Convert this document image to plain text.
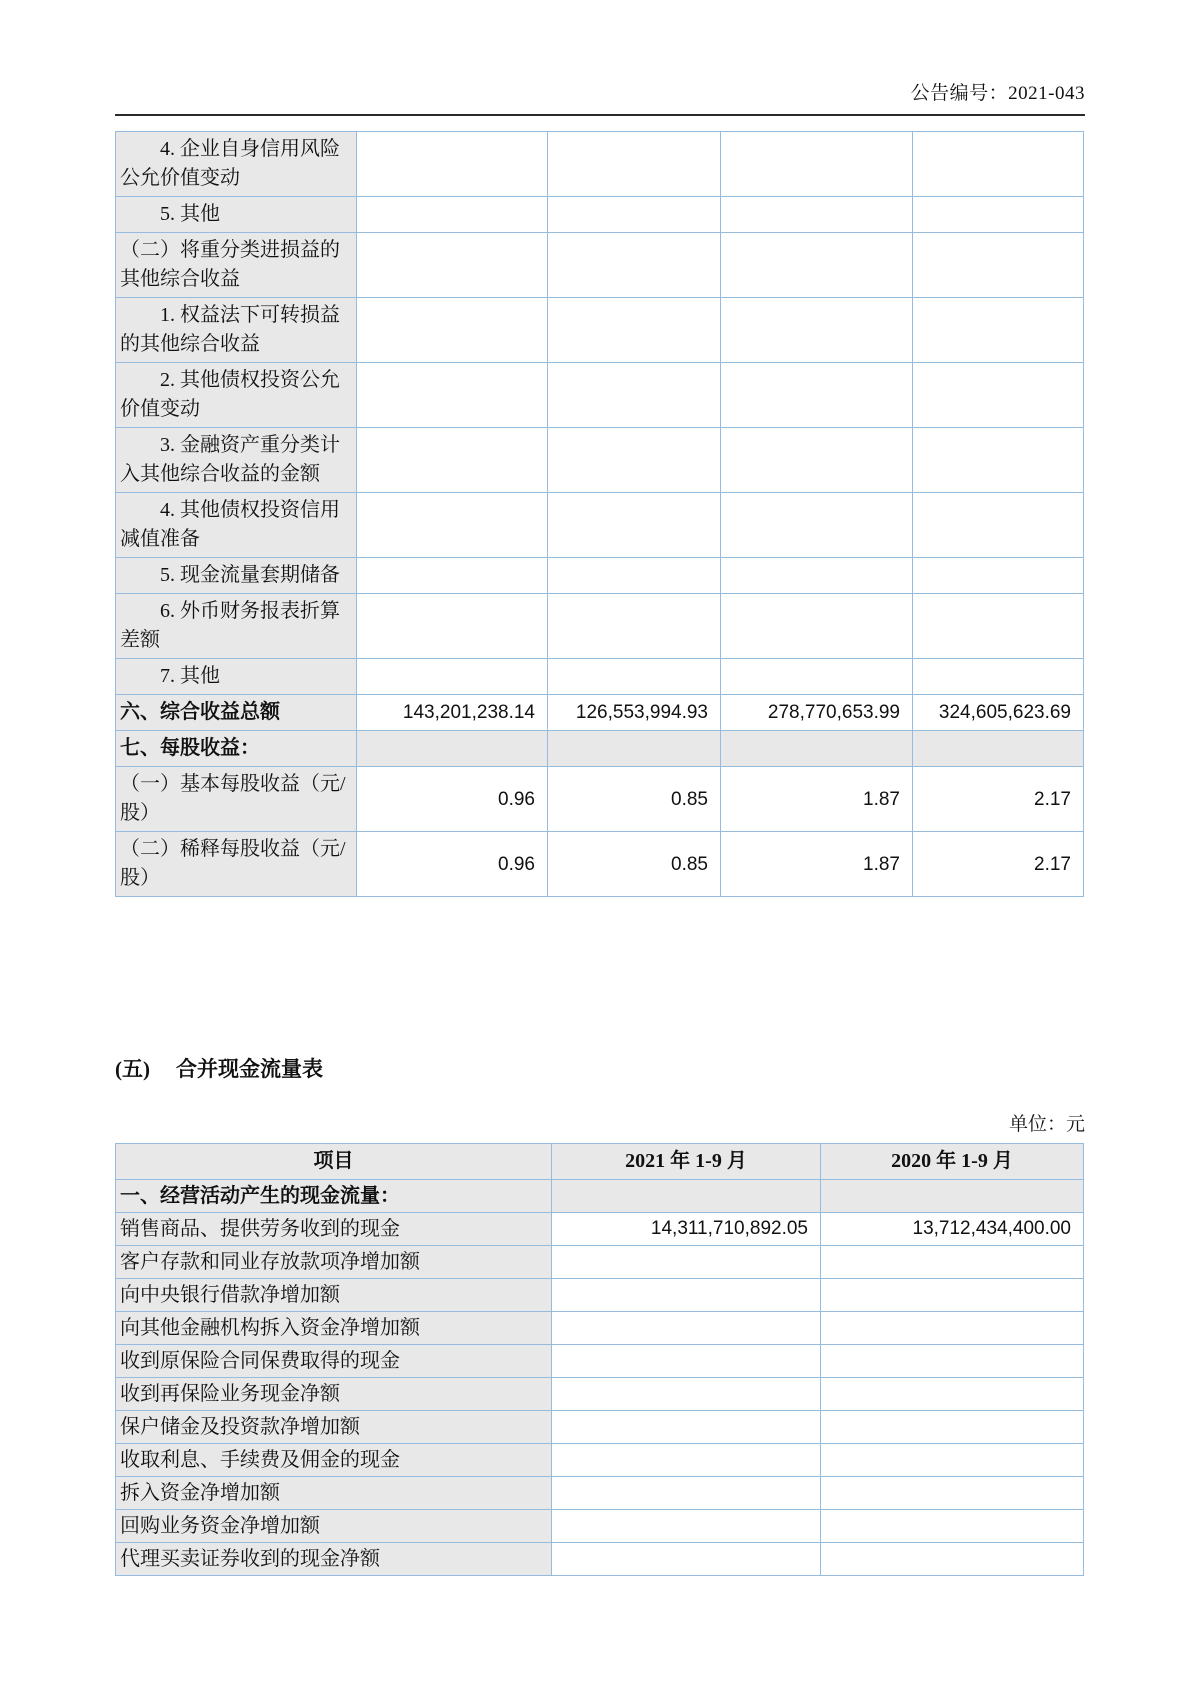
公告编号：2021-043
4. 企业自身信用风险公允价值变动				
5. 其他				
（二）将重分类进损益的其他综合收益				
1. 权益法下可转损益的其他综合收益				
2. 其他债权投资公允价值变动				
3. 金融资产重分类计入其他综合收益的金额				
4. 其他债权投资信用减值准备				
5. 现金流量套期储备				
6. 外币财务报表折算差额				
7. 其他				
六、综合收益总额	143,201,238.14	126,553,994.93	278,770,653.99	324,605,623.69
七、每股收益：				
（一）基本每股收益（元/股）	0.96	0.85	1.87	2.17
（二）稀释每股收益（元/股）	0.96	0.85	1.87	2.17
(五) 合并现金流量表
单位：元
项目	2021 年 1-9 月	2020 年 1-9 月
一、经营活动产生的现金流量：		
销售商品、提供劳务收到的现金	14,311,710,892.05	13,712,434,400.00
客户存款和同业存放款项净增加额		
向中央银行借款净增加额		
向其他金融机构拆入资金净增加额		
收到原保险合同保费取得的现金		
收到再保险业务现金净额		
保户储金及投资款净增加额		
收取利息、手续费及佣金的现金		
拆入资金净增加额		
回购业务资金净增加额		
代理买卖证券收到的现金净额		
